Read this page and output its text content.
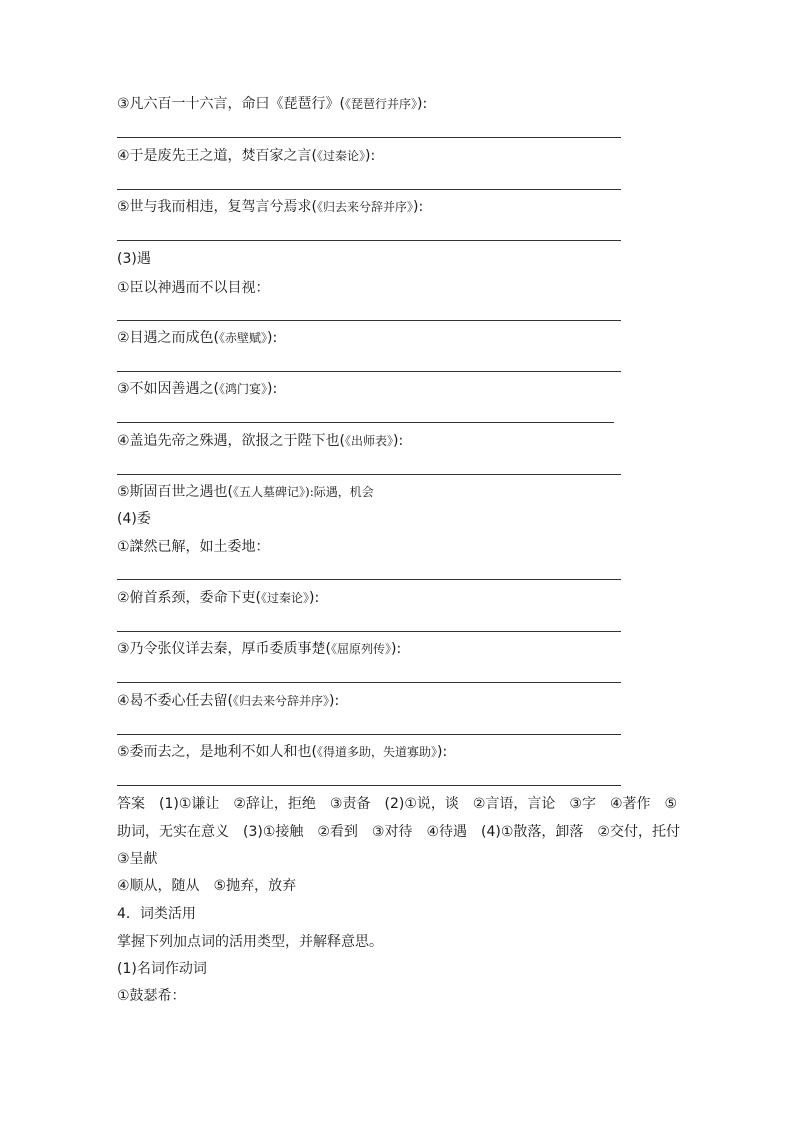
③凡六百一十六言，命曰《琵琶行》(《琵琶行并序》):
④于是废先王之道，焚百家之言(《过秦论》):
⑤世与我而相违，复驾言兮焉求(《归去来兮辞并序》):
(3)遇
①臣以神遇而不以目视：
②目遇之而成色(《赤壁赋》):
③不如因善遇之(《鸿门宴》):
④盖追先帝之殊遇，欲报之于陛下也(《出师表》):
⑤斯固百世之遇也(《五人墓碑记》):际遇，机会
(4)委
①謋然已解，如土委地：
②俯首系颈，委命下吏(《过秦论》):
③乃令张仪详去秦，厚币委质事楚(《屈原列传》):
④曷不委心任去留(《归去来兮辞并序》):
⑤委而去之，是地利不如人和也(《得道多助，失道寡助》):
答案　(1)①谦让　②辞让，拒绝　③责备　(2)①说，谈　②言语，言论　③字　④著作　⑤
助词，无实在意义　(3)①接触　②看到　③对待　④待遇　(4)①散落，卸落　②交付，托付
③呈献
④顺从，随从　⑤抛弃，放弃
4．词类活用
掌握下列加点词的活用类型，并解释意思。
(1)名词作动词
①鼓瑟希：
